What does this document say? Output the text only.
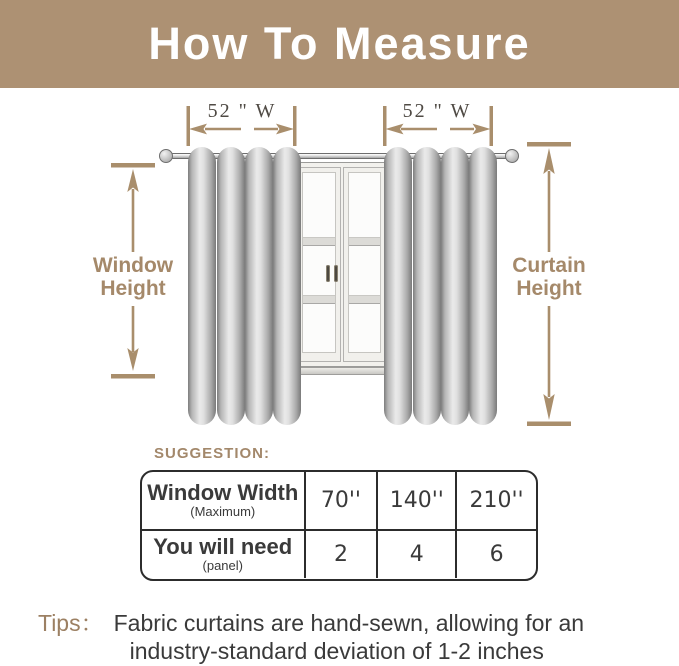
How To Measure
52 " W	52 " W
Window
Height
Curtain
Height
SUGGESTION:
Window Width
(Maximum)	70'' 140'' 210''
You will need
(panel)	2	4	6
Tips： Fabric curtains are hand-sewn, allowing for an
industry-standard deviation of 1-2 inches
